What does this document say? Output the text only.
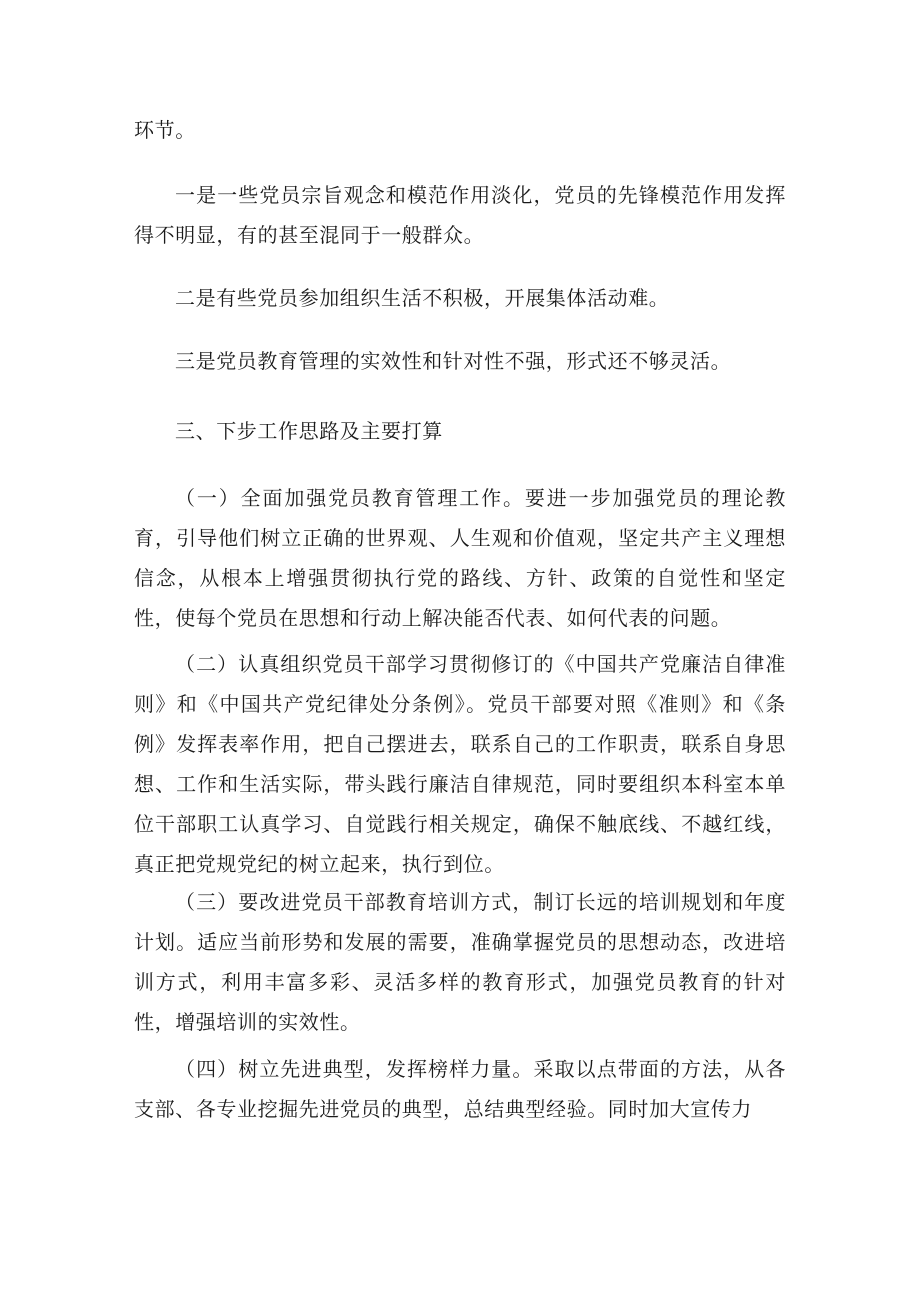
环节。

一是一些党员宗旨观念和模范作用淡化，党员的先锋模范作用发挥得不明显，有的甚至混同于一般群众。

二是有些党员参加组织生活不积极，开展集体活动难。

三是党员教育管理的实效性和针对性不强，形式还不够灵活。

三、下步工作思路及主要打算

（一）全面加强党员教育管理工作。要进一步加强党员的理论教育，引导他们树立正确的世界观、人生观和价值观，坚定共产主义理想信念，从根本上增强贯彻执行党的路线、方针、政策的自觉性和坚定性，使每个党员在思想和行动上解决能否代表、如何代表的问题。

（二）认真组织党员干部学习贯彻修订的《中国共产党廉洁自律准则》和《中国共产党纪律处分条例》。党员干部要对照《准则》和《条例》发挥表率作用，把自己摆进去，联系自己的工作职责，联系自身思想、工作和生活实际，带头践行廉洁自律规范，同时要组织本科室本单位干部职工认真学习、自觉践行相关规定，确保不触底线、不越红线，真正把党规党纪的树立起来，执行到位。

（三）要改进党员干部教育培训方式，制订长远的培训规划和年度计划。适应当前形势和发展的需要，准确掌握党员的思想动态，改进培训方式，利用丰富多彩、灵活多样的教育形式，加强党员教育的针对性，增强培训的实效性。

（四）树立先进典型，发挥榜样力量。采取以点带面的方法，从各支部、各专业挖掘先进党员的典型，总结典型经验。同时加大宣传力
